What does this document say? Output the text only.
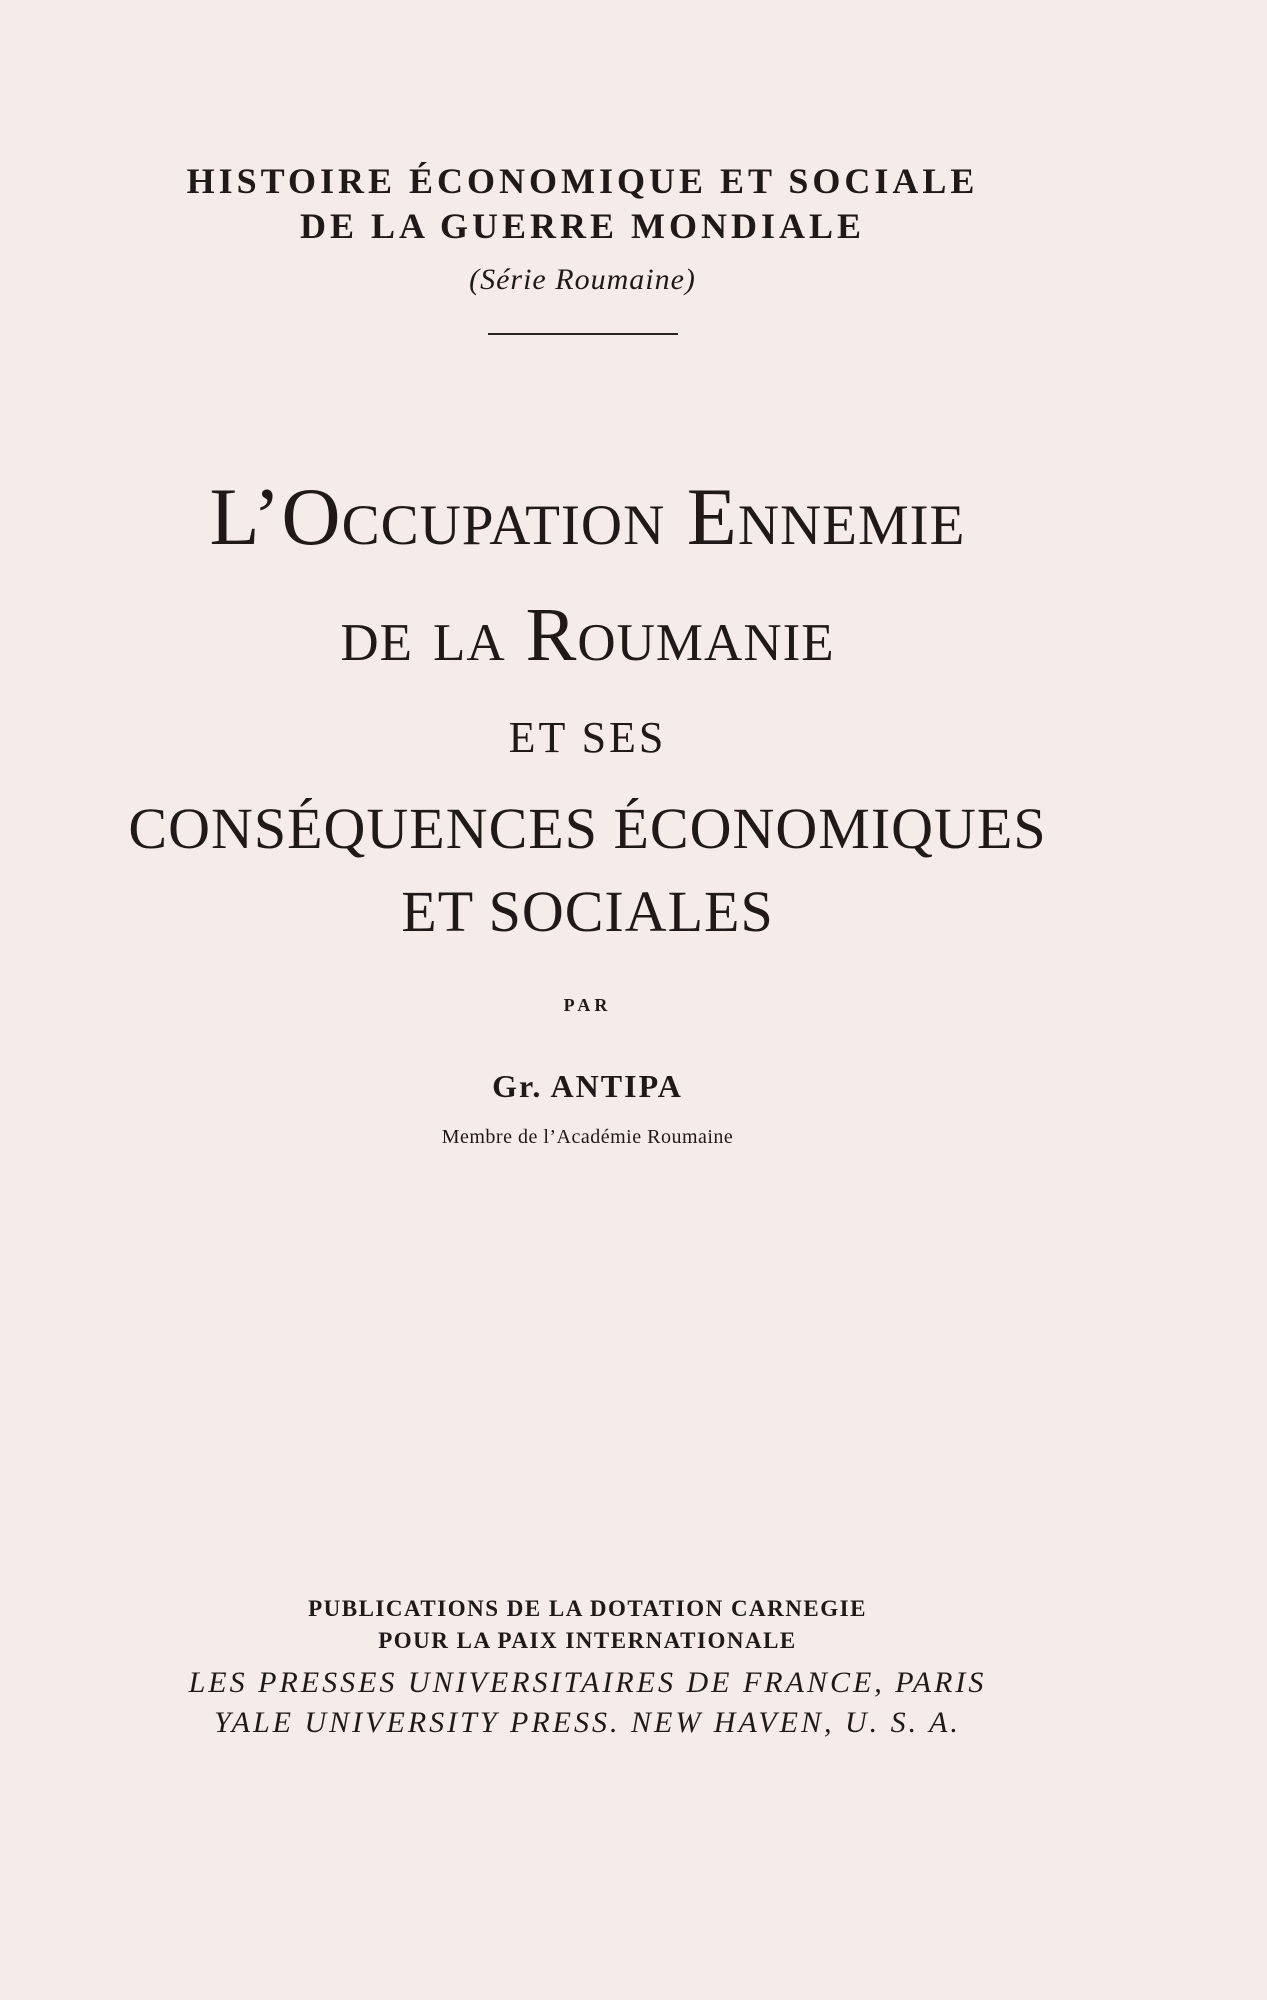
HISTOIRE ÉCONOMIQUE ET SOCIALE
DE LA GUERRE MONDIALE
(Série Roumaine)
L’Occupation Ennemie
de la Roumanie
ET SES
CONSÉQUENCES ÉCONOMIQUES
ET SOCIALES
PAR
Gr. ANTIPA
Membre de l’Académie Roumaine
PUBLICATIONS DE LA DOTATION CARNEGIE
POUR LA PAIX INTERNATIONALE
LES PRESSES UNIVERSITAIRES DE FRANCE, PARIS
YALE UNIVERSITY PRESS. NEW HAVEN, U. S. A.
